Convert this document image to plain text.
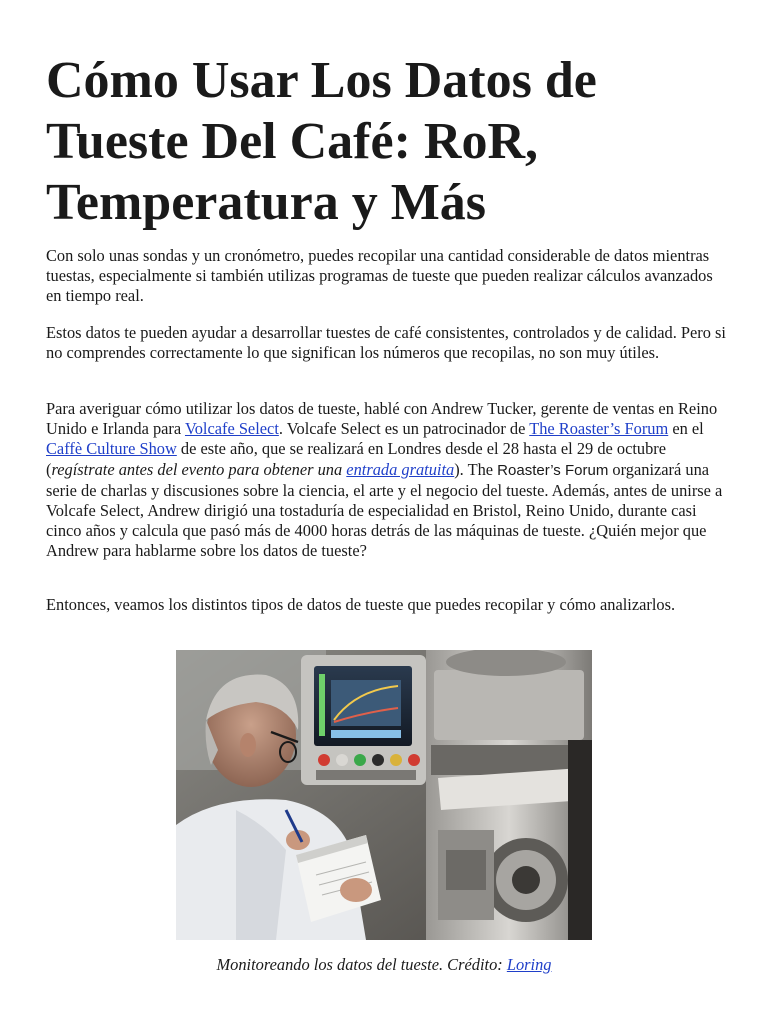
Cómo Usar Los Datos de Tueste Del Café: RoR, Temperatura y Más

Con solo unas sondas y un cronómetro, puedes recopilar una cantidad considerable de datos mientras tuestas, especialmente si también utilizas programas de tueste que pueden realizar cálculos avanzados en tiempo real.

Estos datos te pueden ayudar a desarrollar tuestes de café consistentes, controlados y de calidad. Pero si no comprendes correctamente lo que significan los números que recopilas, no son muy útiles.

Para averiguar cómo utilizar los datos de tueste, hablé con Andrew Tucker, gerente de ventas en Reino Unido e Irlanda para Volcafe Select. Volcafe Select es un patrocinador de The Roaster’s Forum en el Caffè Culture Show de este año, que se realizará en Londres desde el 28 hasta el 29 de octubre (regístrate antes del evento para obtener una entrada gratuita). The Roaster’s Forum organizará una serie de charlas y discusiones sobre la ciencia, el arte y el negocio del tueste. Además, antes de unirse a Volcafe Select, Andrew dirigió una tostaduría de especialidad en Bristol, Reino Unido, durante casi cinco años y calcula que pasó más de 4000 horas detrás de las máquinas de tueste. ¿Quién mejor que Andrew para hablarme sobre los datos de tueste?

Entonces, veamos los distintos tipos de datos de tueste que puedes recopilar y cómo analizarlos.

Monitoreando los datos del tueste. Crédito: Loring
